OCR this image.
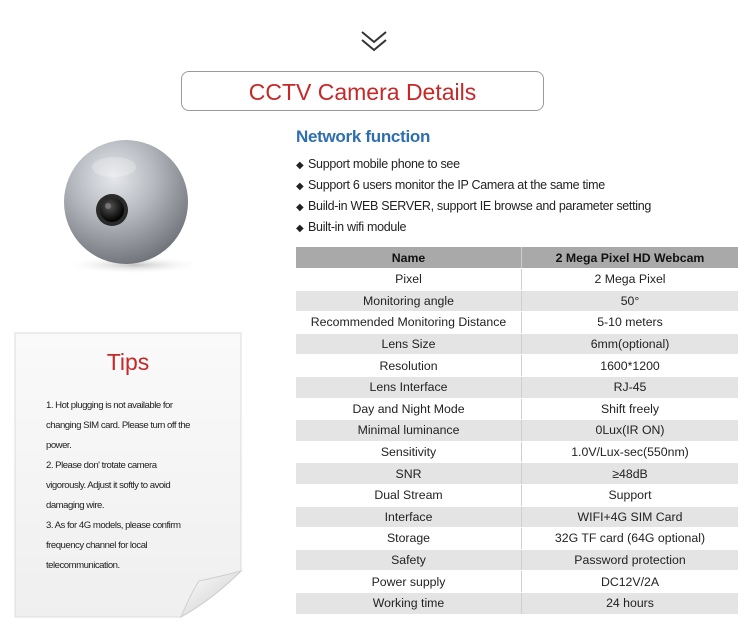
CCTV Camera Details
Network function
◆ Support mobile phone to see
◆ Support 6 users monitor the IP Camera at the same time
◆ Build-in WEB SERVER, support IE browse and parameter setting
◆ Built-in wifi module
Name	2 Mega Pixel HD Webcam
Pixel	2 Mega Pixel
Monitoring angle	50°
Recommended Monitoring Distance	5-10 meters
Lens Size	6mm(optional)
Resolution	1600*1200
Lens Interface	RJ-45
Day and Night Mode	Shift freely
Minimal luminance	0Lux(IR ON)
Sensitivity	1.0V/Lux-sec(550nm)
SNR	≥48dB
Dual Stream	Support
Interface	WIFI+4G SIM Card
Storage	32G TF card (64G optional)
Safety	Password protection
Power supply	DC12V/2A
Working time	24 hours
Tips
1. Hot plugging is not available for
changing SIM card. Please turn off the
power.
2. Please don' trotate camera
vigorously. Adjust it softly to avoid
damaging wire.
3. As for 4G models, please confirm
frequency channel for local
telecommunication.
